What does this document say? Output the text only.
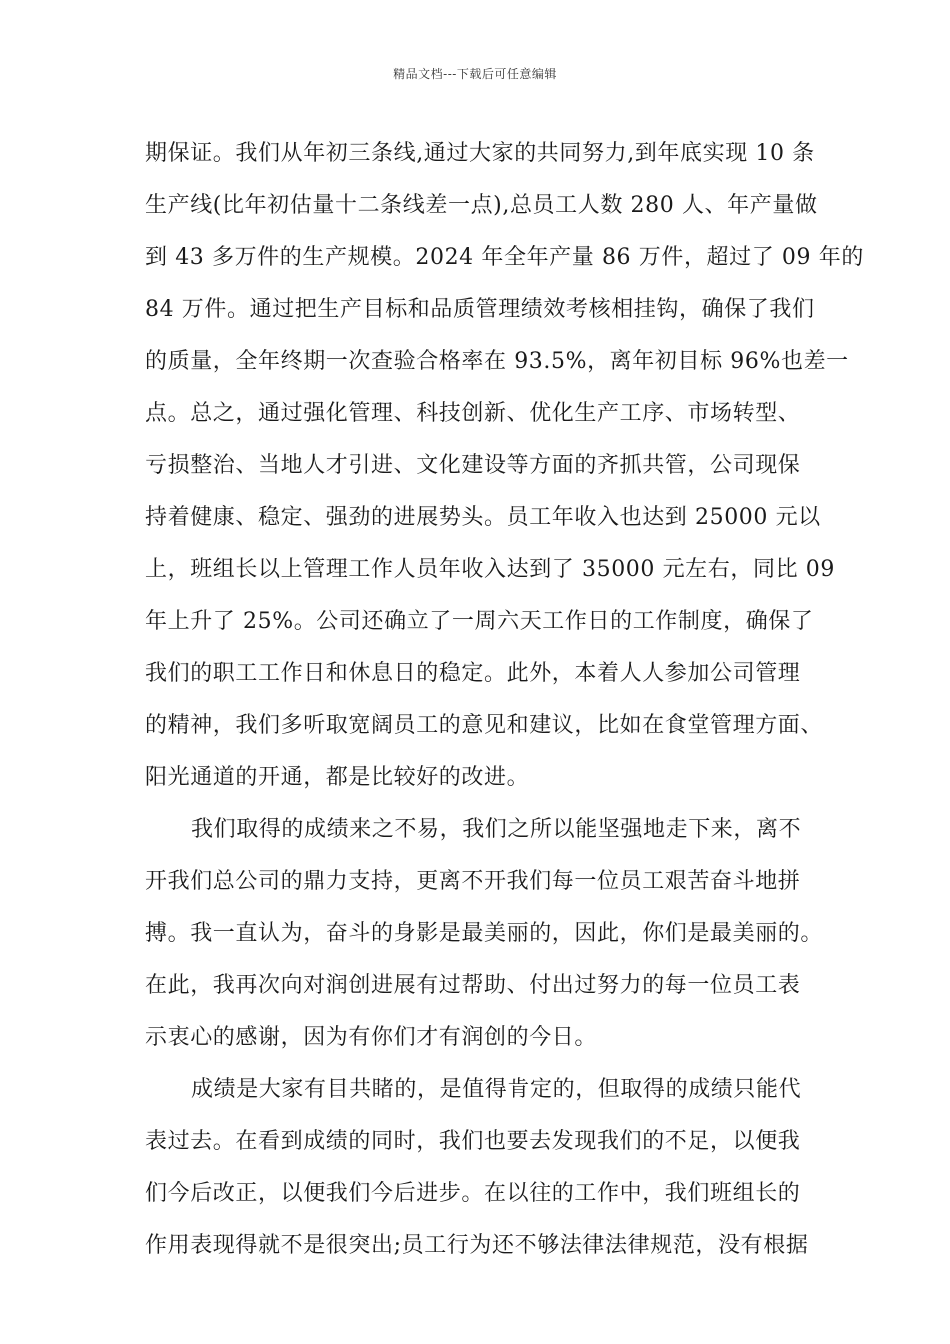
精品文档---下载后可任意编辑
期保证。我们从年初三条线,通过大家的共同努力,到年底实现 10 条
生产线(比年初估量十二条线差一点),总员工人数 280 人、年产量做
到 43 多万件的生产规模。2024 年全年产量 86 万件，超过了 09 年的
84 万件。通过把生产目标和品质管理绩效考核相挂钩，确保了我们
的质量，全年终期一次查验合格率在 93.5%，离年初目标 96%也差一
点。总之，通过强化管理、科技创新、优化生产工序、市场转型、
亏损整治、当地人才引进、文化建设等方面的齐抓共管，公司现保
持着健康、稳定、强劲的进展势头。员工年收入也达到 25000 元以
上，班组长以上管理工作人员年收入达到了 35000 元左右，同比 09
年上升了 25%。公司还确立了一周六天工作日的工作制度，确保了
我们的职工工作日和休息日的稳定。此外，本着人人参加公司管理
的精神，我们多听取宽阔员工的意见和建议，比如在食堂管理方面、
阳光通道的开通，都是比较好的改进。
我们取得的成绩来之不易，我们之所以能坚强地走下来，离不
开我们总公司的鼎力支持，更离不开我们每一位员工艰苦奋斗地拼
搏。我一直认为，奋斗的身影是最美丽的，因此，你们是最美丽的。
在此，我再次向对润创进展有过帮助、付出过努力的每一位员工表
示衷心的感谢，因为有你们才有润创的今日。
成绩是大家有目共睹的，是值得肯定的，但取得的成绩只能代
表过去。在看到成绩的同时，我们也要去发现我们的不足，以便我
们今后改正，以便我们今后进步。在以往的工作中，我们班组长的
作用表现得就不是很突出;员工行为还不够法律法律规范，没有根据
